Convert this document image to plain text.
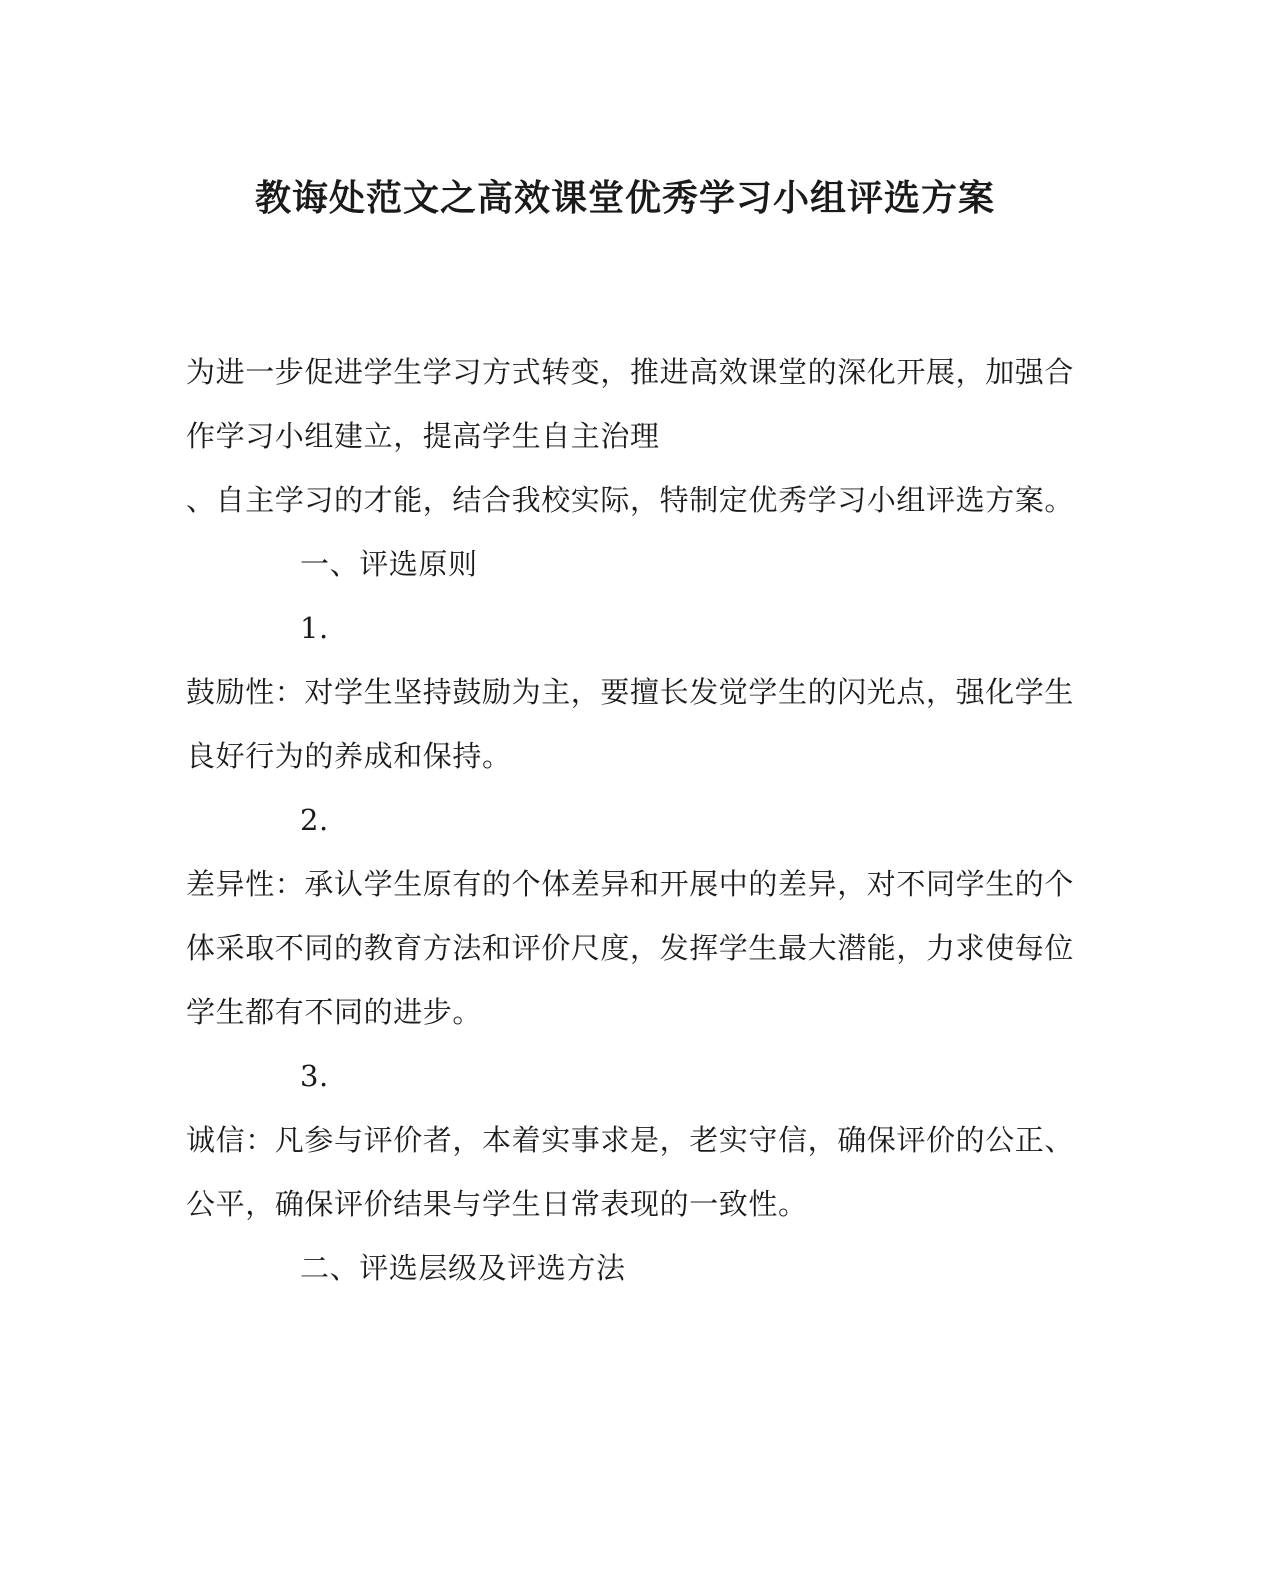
教诲处范文之高效课堂优秀学习小组评选方案
为进一步促进学生学习方式转变，推进高效课堂的深化开展，加强合
作学习小组建立，提高学生自主治理
、自主学习的才能，结合我校实际，特制定优秀学习小组评选方案。
一、评选原则
1.
鼓励性：对学生坚持鼓励为主，要擅长发觉学生的闪光点，强化学生
良好行为的养成和保持。
2.
差异性：承认学生原有的个体差异和开展中的差异，对不同学生的个
体采取不同的教育方法和评价尺度，发挥学生最大潜能，力求使每位
学生都有不同的进步。
3.
诚信：凡参与评价者，本着实事求是，老实守信，确保评价的公正、
公平，确保评价结果与学生日常表现的一致性。
二、评选层级及评选方法
